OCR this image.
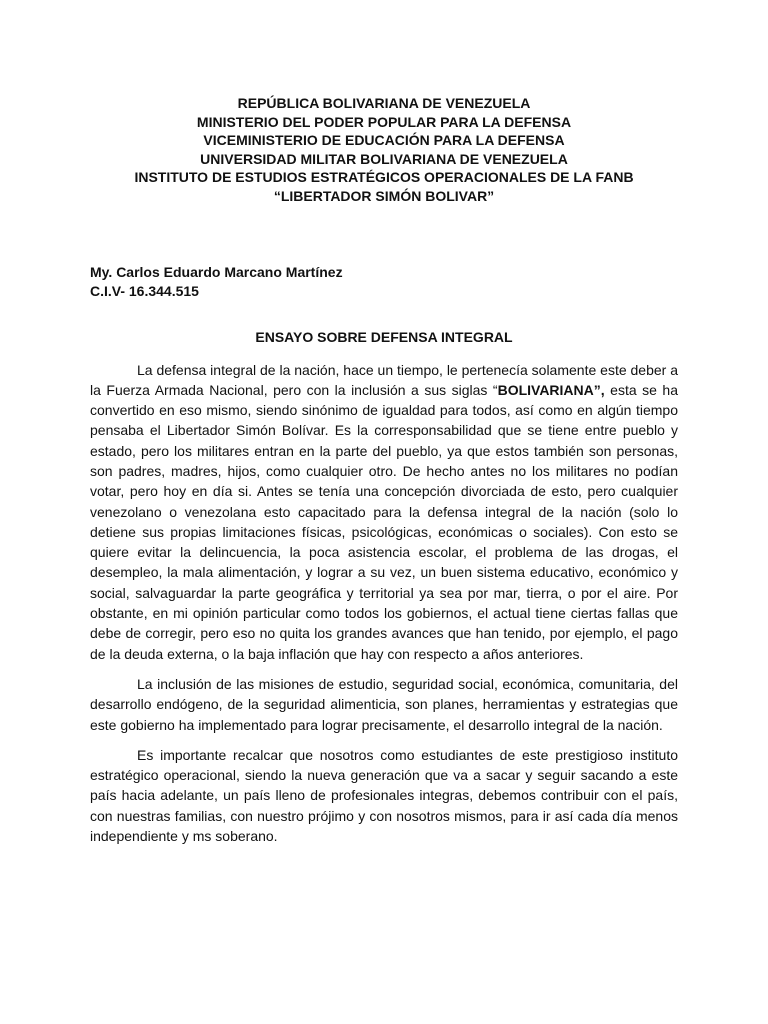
REPÚBLICA BOLIVARIANA DE VENEZUELA
MINISTERIO DEL PODER POPULAR PARA LA DEFENSA
VICEMINISTERIO DE EDUCACIÓN PARA LA DEFENSA
UNIVERSIDAD MILITAR BOLIVARIANA DE VENEZUELA
INSTITUTO DE ESTUDIOS ESTRATÉGICOS OPERACIONALES DE LA FANB
“LIBERTADOR SIMÓN BOLIVAR”
My. Carlos Eduardo Marcano Martínez
C.I.V- 16.344.515
ENSAYO SOBRE DEFENSA INTEGRAL

La defensa integral de la nación, hace un tiempo, le pertenecía solamente este deber a la Fuerza Armada Nacional, pero con la inclusión a sus siglas “BOLIVARIANA”, esta se ha convertido en eso mismo, siendo sinónimo de igualdad para todos, así como en algún tiempo pensaba el Libertador Simón Bolívar. Es la corresponsabilidad que se tiene entre pueblo y estado, pero los militares entran en la parte del pueblo, ya que estos también son personas, son padres, madres, hijos, como cualquier otro. De hecho antes no los militares no podían votar, pero hoy en día si. Antes se tenía una concepción divorciada de esto, pero cualquier venezolano o venezolana esto capacitado para la defensa integral de la nación (solo lo detiene sus propias limitaciones físicas, psicológicas, económicas o sociales). Con esto se quiere evitar la delincuencia, la poca asistencia escolar, el problema de las drogas, el desempleo, la mala alimentación, y lograr a su vez, un buen sistema educativo, económico y social, salvaguardar la parte geográfica y territorial ya sea por mar, tierra, o por el aire. Por obstante, en mi opinión particular como todos los gobiernos, el actual tiene ciertas fallas que debe de corregir, pero eso no quita los grandes avances que han tenido, por ejemplo, el pago de la deuda externa, o la baja inflación que hay con respecto a años anteriores.

La inclusión de las misiones de estudio, seguridad social, económica, comunitaria, del desarrollo endógeno, de la seguridad alimenticia, son planes, herramientas y estrategias que este gobierno ha implementado para lograr precisamente, el desarrollo integral de la nación.

Es importante recalcar que nosotros como estudiantes de este prestigioso instituto estratégico operacional, siendo la nueva generación que va a sacar y seguir sacando a este país hacia adelante, un país lleno de profesionales integras, debemos contribuir con el país, con nuestras familias, con nuestro prójimo y con nosotros mismos, para ir así cada día menos independiente y ms soberano.
